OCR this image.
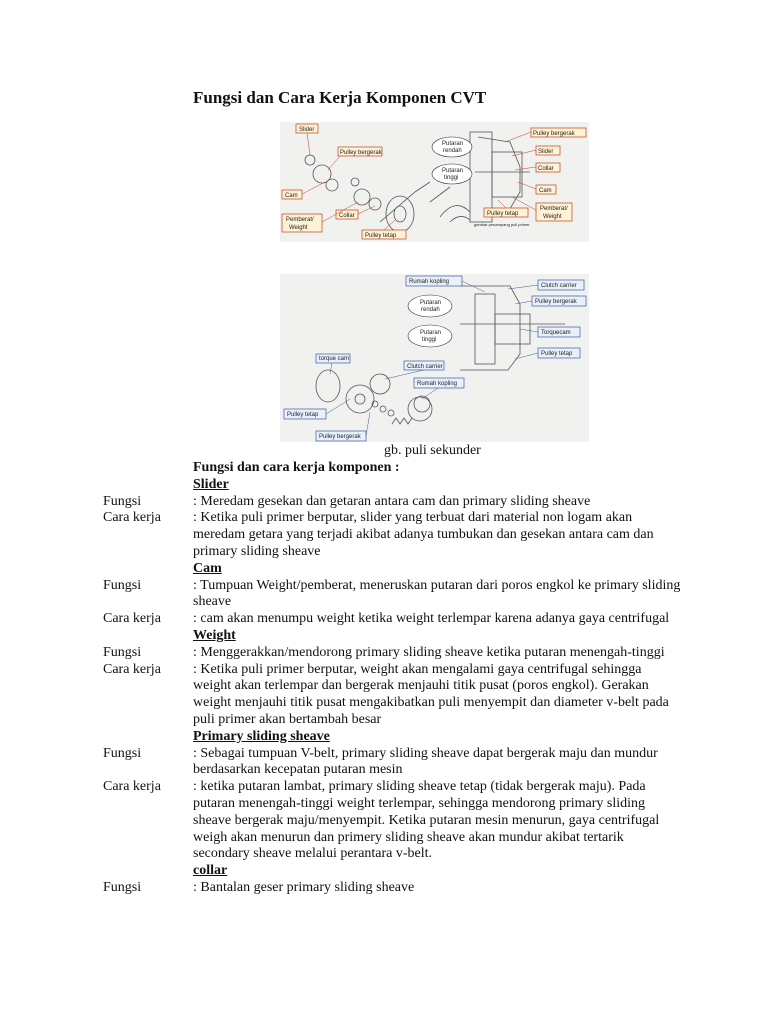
Fungsi dan Cara Kerja Komponen CVT
Slider
Pulley bergerak
Cam
Pemberat/
Weight
Collar
Pulley tetap
Putaran
rendah
Putaran
tinggi
Pulley bergerak
Slider
Collar
Cam
Pulley tetap
Pemberat/
Weight
gambar penampang puli primer
Rumah kopling
Clutch carrier
Pulley bergerak
Putaran
rendah
Putaran
tinggi
Torquecam
Pulley tetap
torque cam
Clutch carrier
Rumah kopling
Pulley tetap
Pulley bergerak
gb. puli sekunder
Fungsi dan cara kerja komponen :
Slider
Fungsi	: Meredam gesekan dan getaran antara cam dan primary sliding sheave
Cara kerja : Ketika puli primer berputar, slider yang terbuat dari material non logam akan meredam getara yang terjadi akibat adanya tumbukan dan gesekan antara cam dan primary sliding sheave
Cam
Fungsi	: Tumpuan Weight/pemberat, meneruskan putaran dari poros engkol ke primary sliding sheave
Cara kerja : cam akan menumpu weight ketika weight terlempar karena adanya gaya centrifugal
Weight
Fungsi	: Menggerakkan/mendorong primary sliding sheave ketika putaran menengah-tinggi
Cara kerja : Ketika puli primer berputar, weight akan mengalami gaya centrifugal sehingga weight akan terlempar dan bergerak menjauhi titik pusat (poros engkol). Gerakan weight menjauhi titik pusat mengakibatkan puli menyempit dan diameter v-belt pada puli primer akan bertambah besar
Primary sliding sheave
Fungsi	: Sebagai tumpuan V-belt, primary sliding sheave dapat bergerak maju dan mundur berdasarkan kecepatan putaran mesin
Cara kerja : ketika putaran lambat, primary sliding sheave tetap (tidak bergerak maju). Pada putaran menengah-tinggi weight terlempar, sehingga mendorong primary sliding sheave bergerak maju/menyempit. Ketika putaran mesin menurun, gaya centrifugal weigh akan menurun dan primery sliding sheave akan mundur akibat tertarik secondary sheave melalui perantara v-belt.
collar
Fungsi	: Bantalan geser primary sliding sheave
